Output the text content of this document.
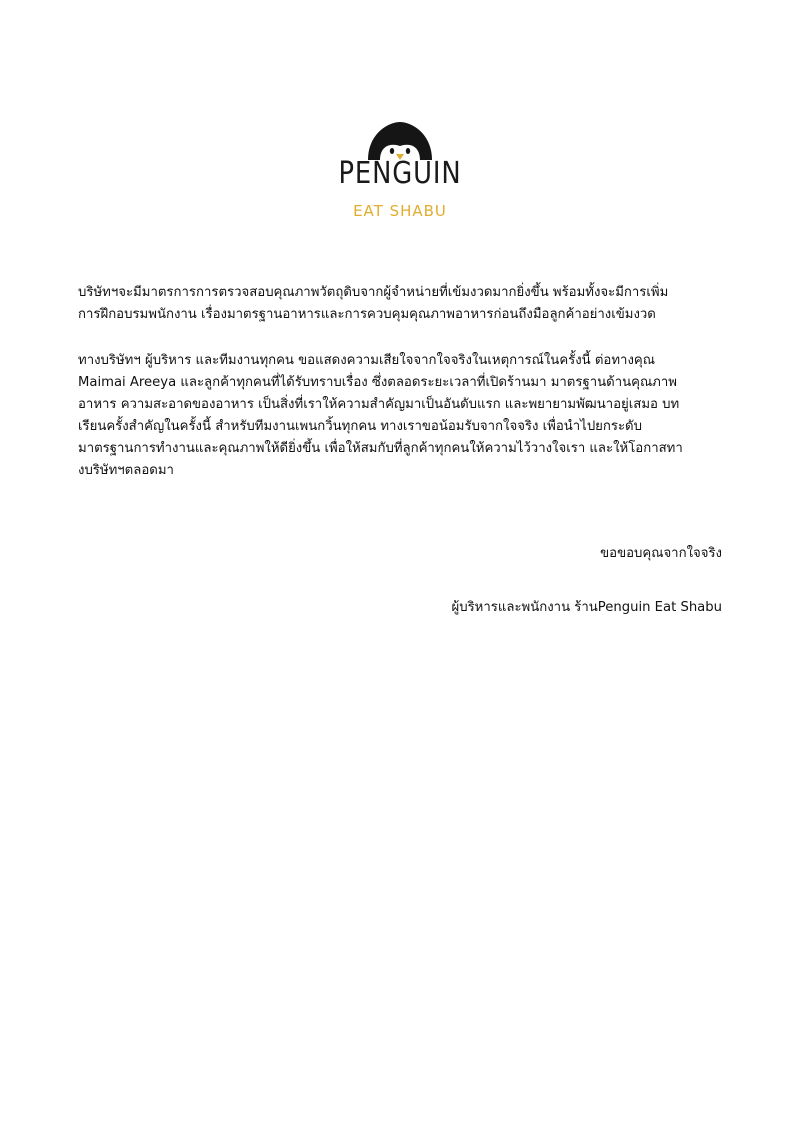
PENGUIN
EAT SHABU

บริษัทฯจะมีมาตรการการตรวจสอบคุณภาพวัตถุดิบจากผู้จำหน่ายที่เข้มงวดมากยิ่งขึ้น พร้อมทั้งจะมีการเพิ่ม
การฝึกอบรมพนักงาน เรื่องมาตรฐานอาหารและการควบคุมคุณภาพอาหารก่อนถึงมือลูกค้าอย่างเข้มงวด

ทางบริษัทฯ ผู้บริหาร และทีมงานทุกคน ขอแสดงความเสียใจจากใจจริงในเหตุการณ์ในครั้งนี้ ต่อทางคุณ
Maimai Areeya และลูกค้าทุกคนที่ได้รับทราบเรื่อง ซึ่งตลอดระยะเวลาที่เปิดร้านมา มาตรฐานด้านคุณภาพ
อาหาร ความสะอาดของอาหาร เป็นสิ่งที่เราให้ความสำคัญมาเป็นอันดับแรก และพยายามพัฒนาอยู่เสมอ บท
เรียนครั้งสำคัญในครั้งนี้ สำหรับทีมงานเพนกวิ้นทุกคน ทางเราขอน้อมรับจากใจจริง เพื่อนำไปยกระดับ
มาตรฐานการทำงานและคุณภาพให้ดียิ่งขึ้น เพื่อให้สมกับที่ลูกค้าทุกคนให้ความไว้วางใจเรา และให้โอกาสทา
งบริษัทฯตลอดมา

ขอขอบคุณจากใจจริง
ผู้บริหารและพนักงาน ร้านPenguin Eat Shabu
